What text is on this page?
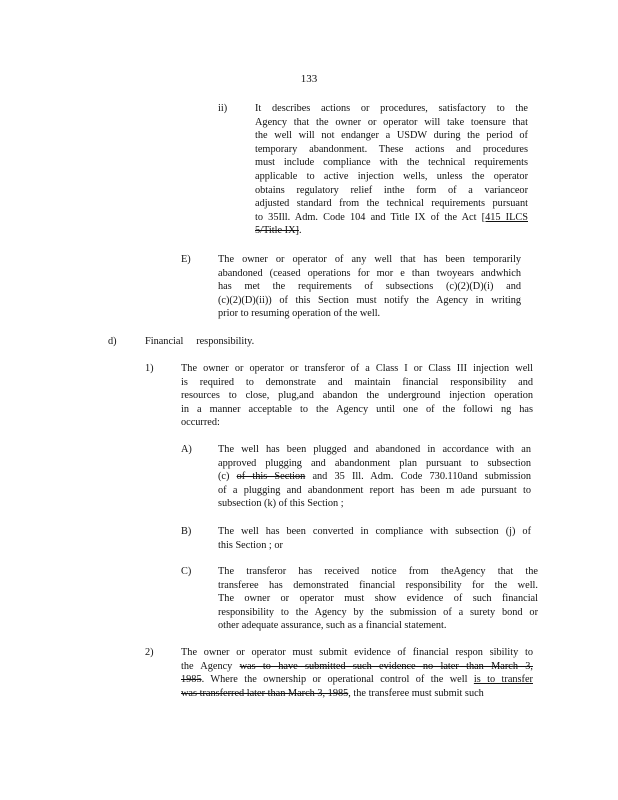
133
ii)	It describes actions or procedures, satisfactory to the
Agency that the owner or operator will take toensure that
the well will not endanger a USDW during the period of
temporary abandonment. These actions and procedures
must include compliance with the technical requirements
applicable to active injection wells, unless the operator
obtains regulatory relief inthe form of a varianceor
adjusted standard from the technical requirements pursuant
to 35Ill. Adm. Code 104 and Title IX of the Act [415 ILCS
5/Title IX].
E)	The owner or operator of any well that has been temporarily
abandoned (ceased operations for mor e than twoyears andwhich
has met the requirements of subsections (c)(2)(D)(i) and
(c)(2)(D)(ii)) of this Section must notify the Agency in writing
prior to resuming operation of the well.
d)	Financial     responsibility.
1)	The owner or operator or transferor of a Class I or Class III injection well
is required to demonstrate and maintain financial responsibility and
resources to close, plug,and abandon the underground injection operation
in a manner acceptable to the Agency until one of the followi ng has
occurred:
A)	The well has been plugged and abandoned in accordance with an
approved plugging and abandonment plan pursuant to subsection
(c) of this Section and 35 Ill. Adm. Code 730.110and submission
of a plugging and abandonment report has been m ade pursuant to
subsection (k) of this Section ;
B)	The well has been converted in compliance with subsection (j) of
this Section ; or
C)	The transferor has received notice from theAgency that the
transferee has demonstrated financial responsibility for the well.
The owner or operator must show evidence of such financial
responsibility to the Agency by the submission of a surety bond or
other adequate assurance, such as a financial statement.
2)	The owner or operator must submit evidence of financial respon sibility to
the Agency was to have submitted such evidence no later than March 3,
1985. Where the ownership or operational control of the well is to transfer
was transferred later than March 3, 1985, the transferee must submit such
